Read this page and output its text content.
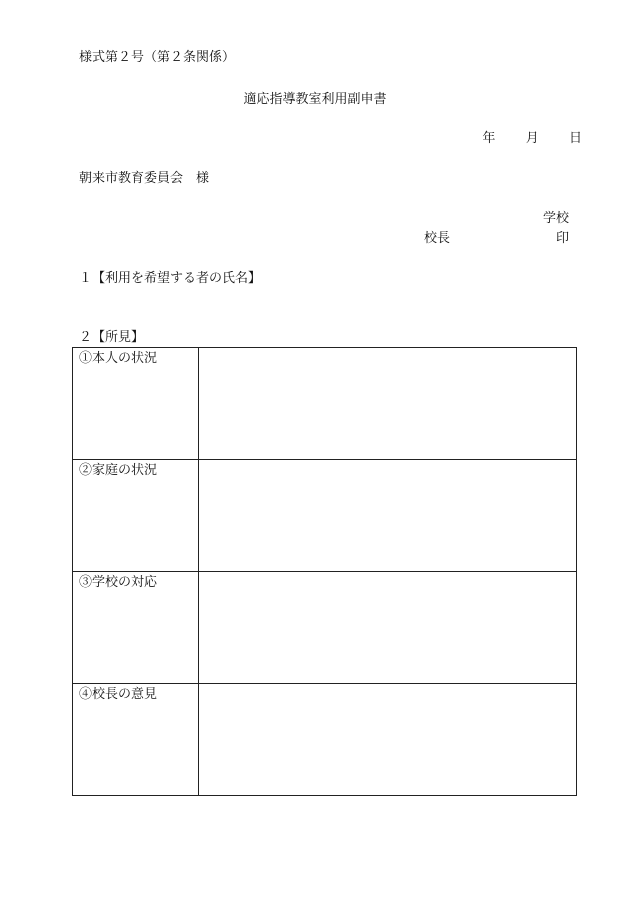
様式第２号（第２条関係）
適応指導教室利用副申書
年 月 日
朝来市教育委員会　様
学校
校長	印
１【利用を希望する者の氏名】
２【所見】
①本人の状況	
②家庭の状況	
③学校の対応	
④校長の意見	
